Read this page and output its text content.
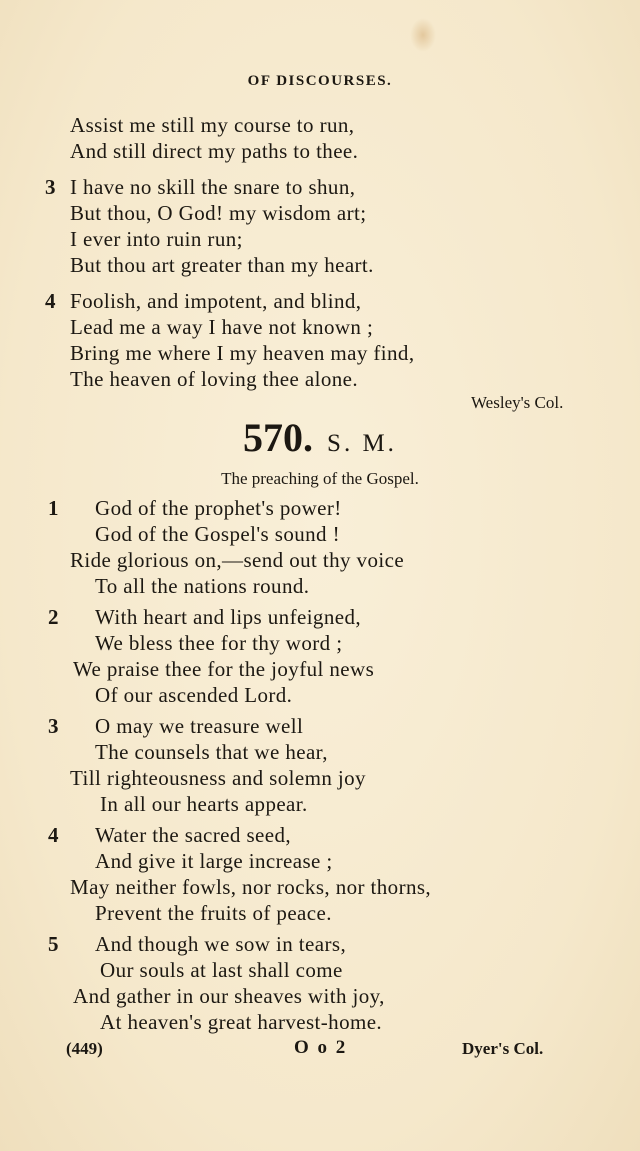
OF DISCOURSES.
Assist me still my course to run,
And still direct my paths to thee.
3 I have no skill the snare to shun,
But thou, O God! my wisdom art;
I ever into ruin run;
But thou art greater than my heart.
4 Foolish, and impotent, and blind,
Lead me a way I have not known ;
Bring me where I my heaven may find,
The heaven of loving thee alone.
Wesley's Col.
570. S. M.
The preaching of the Gospel.
1 God of the prophet's power!
God of the Gospel's sound !
Ride glorious on,—send out thy voice
To all the nations round.
2 With heart and lips unfeigned,
We bless thee for thy word ;
We praise thee for the joyful news
Of our ascended Lord.
3 O may we treasure well
The counsels that we hear,
Till righteousness and solemn joy
In all our hearts appear.
4 Water the sacred seed,
And give it large increase ;
May neither fowls, nor rocks, nor thorns,
Prevent the fruits of peace.
5 And though we sow in tears,
Our souls at last shall come
And gather in our sheaves with joy,
At heaven's great harvest-home.
(449)	O o 2	Dyer's Col.
